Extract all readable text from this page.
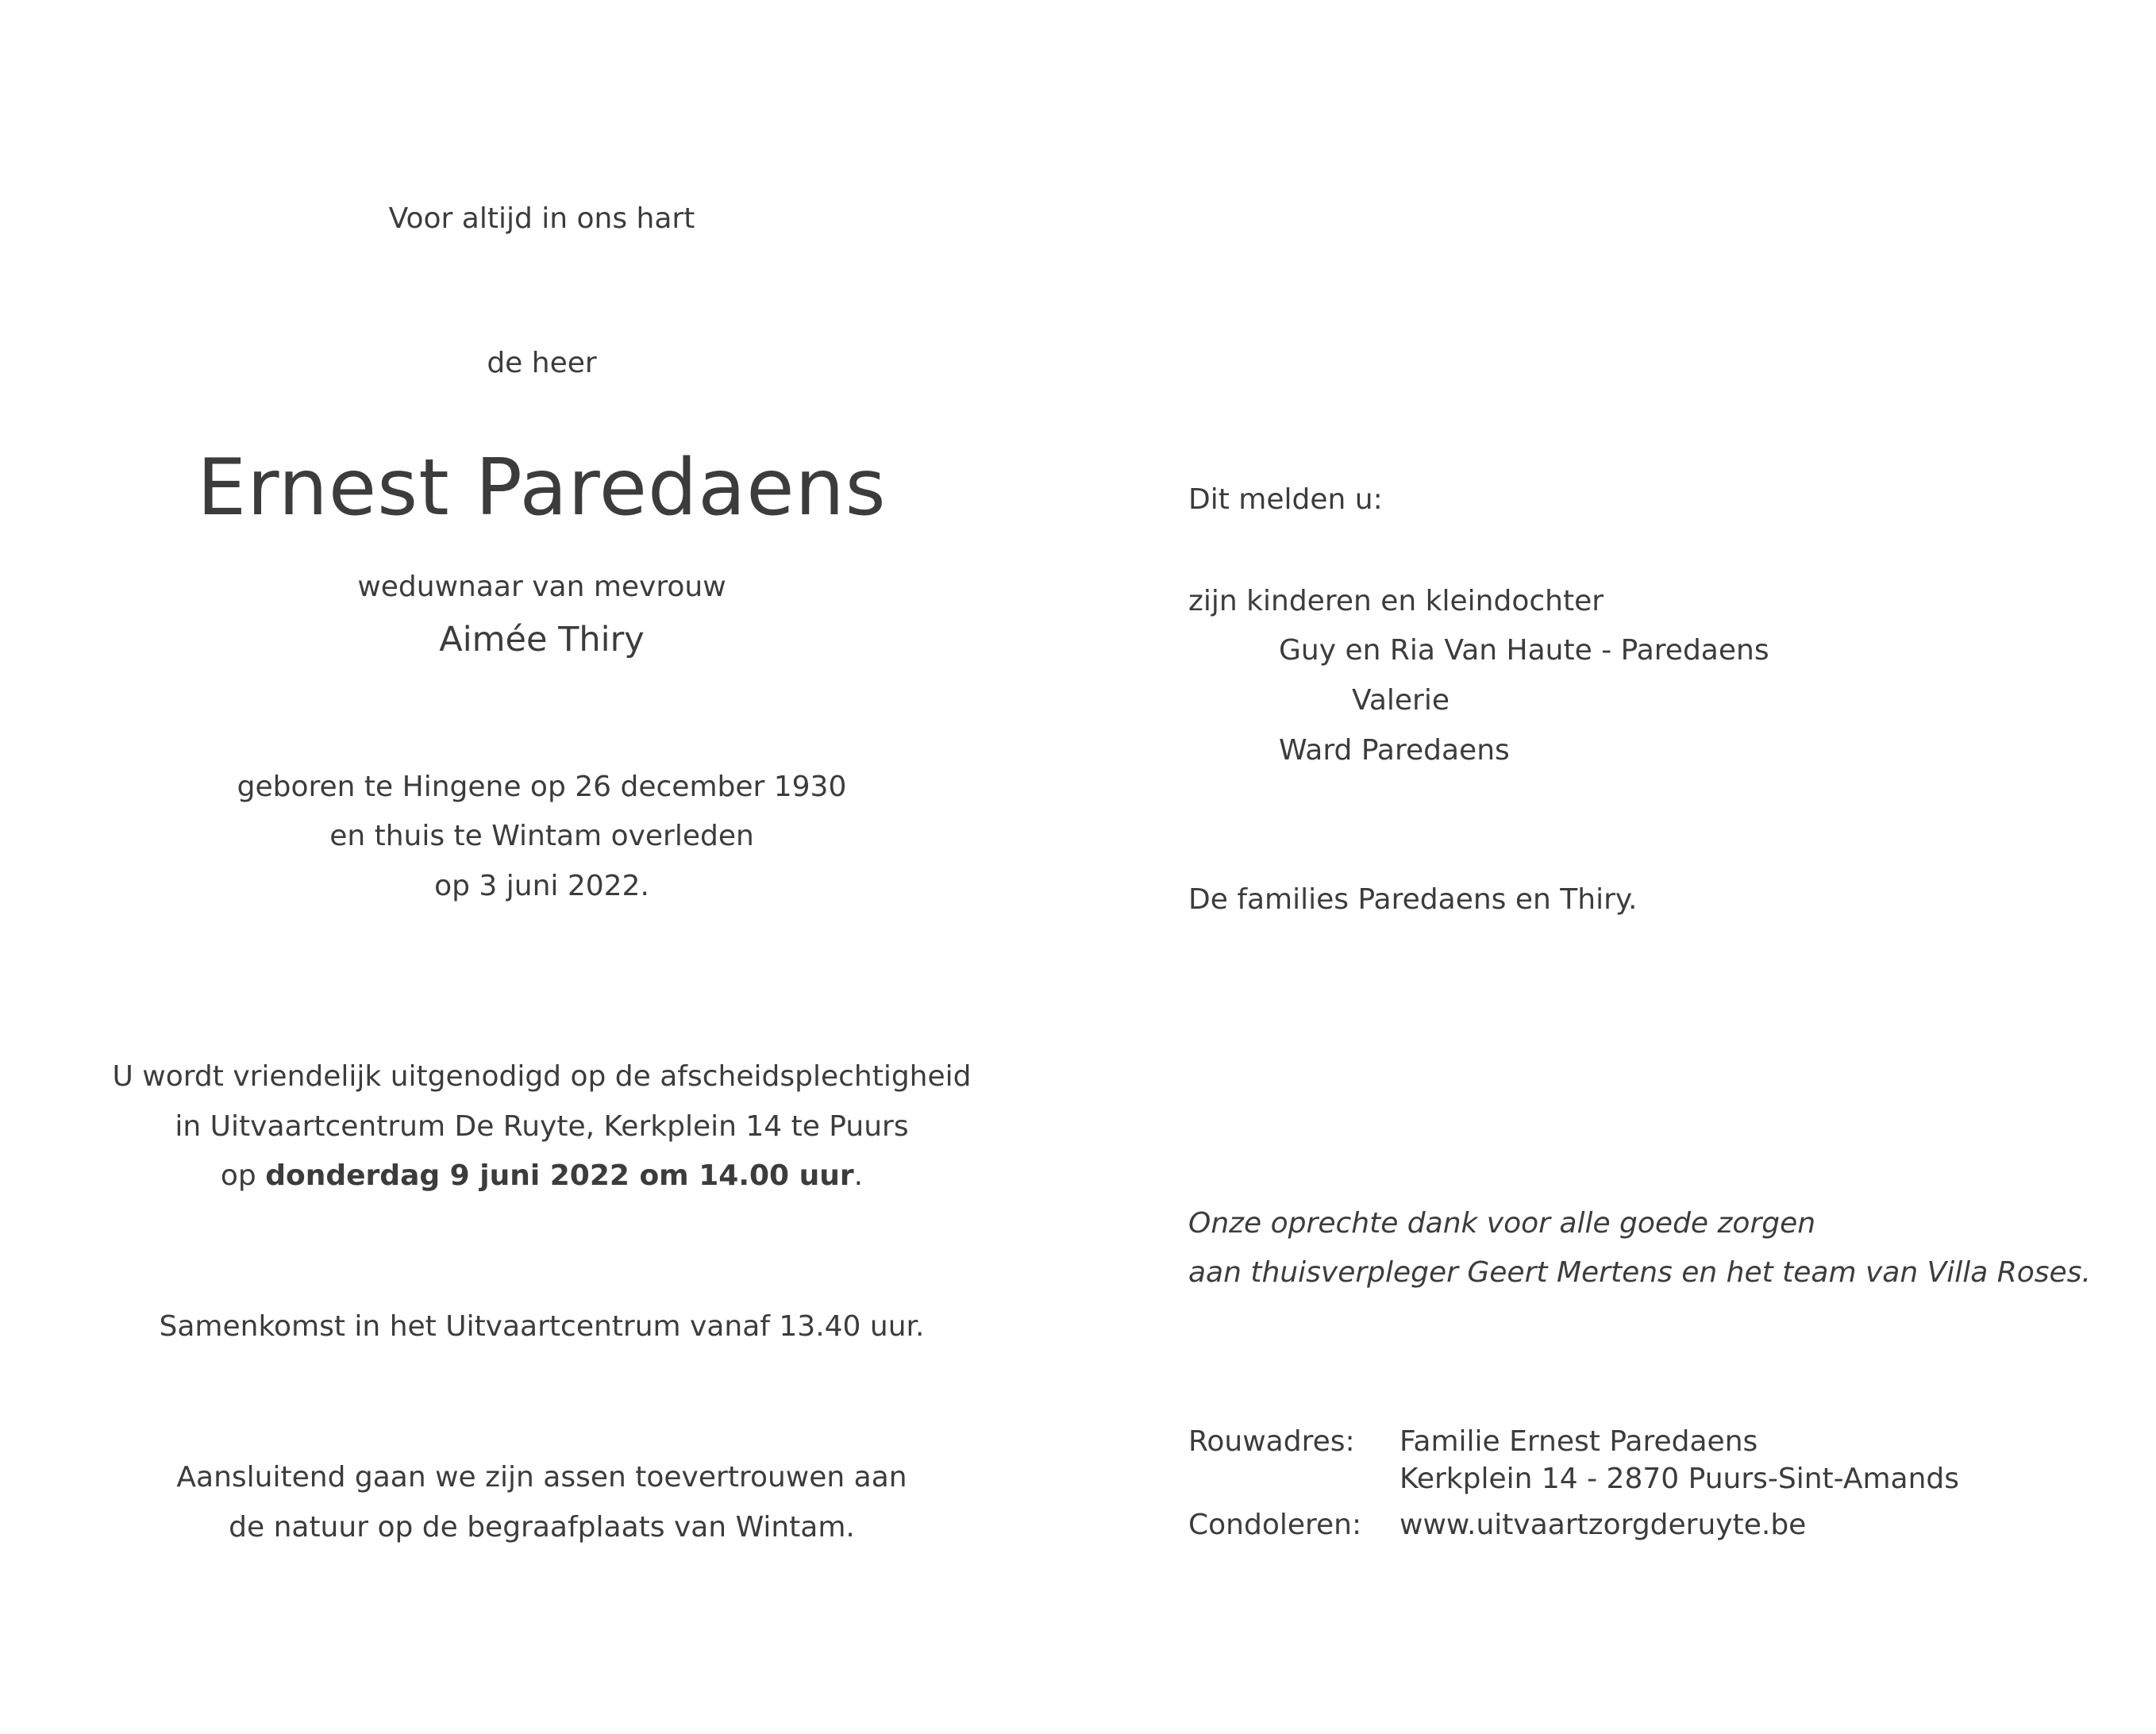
Voor altijd in ons hart
de heer
Ernest Paredaens
weduwnaar van mevrouw
Aimée Thiry
geboren te Hingene op 26 december 1930
en thuis te Wintam overleden
op 3 juni 2022.
U wordt vriendelijk uitgenodigd op de afscheidsplechtigheid
in Uitvaartcentrum De Ruyte, Kerkplein 14 te Puurs
op donderdag 9 juni 2022 om 14.00 uur.
Samenkomst in het Uitvaartcentrum vanaf 13.40 uur.
Aansluitend gaan we zijn assen toevertrouwen aan
de natuur op de begraafplaats van Wintam.
Dit melden u:
zijn kinderen en kleindochter
Guy en Ria Van Haute - Paredaens
Valerie
Ward Paredaens
De families Paredaens en Thiry.
Onze oprechte dank voor alle goede zorgen
aan thuisverpleger Geert Mertens en het team van Villa Roses.
Rouwadres: Familie Ernest Paredaens
Kerkplein 14 - 2870 Puurs-Sint-Amands
Condoleren: www.uitvaartzorgderuyte.be
